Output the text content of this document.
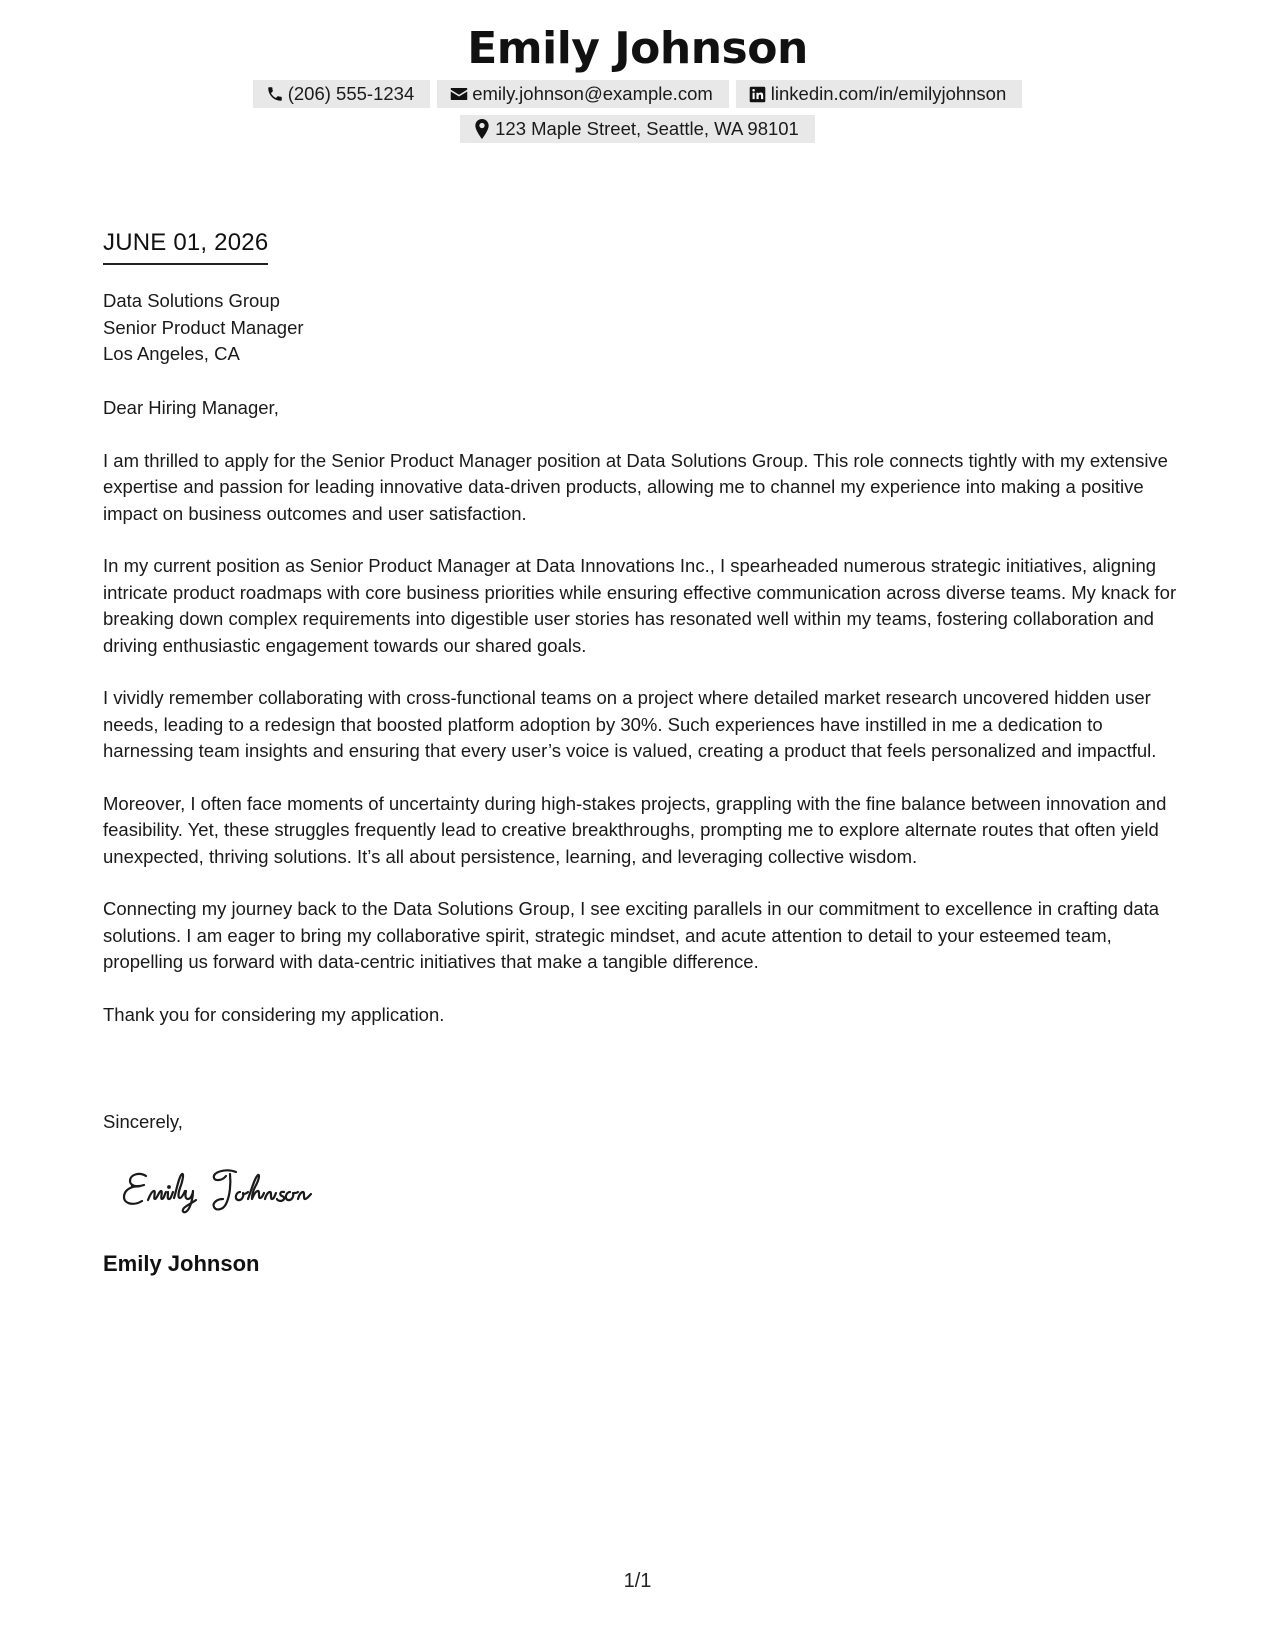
Emily Johnson
(206) 555-1234	emily.johnson@example.com	linkedin.com/in/emilyjohnson
123 Maple Street, Seattle, WA 98101
JUNE 01, 2026
Data Solutions Group
Senior Product Manager
Los Angeles, CA

Dear Hiring Manager,

I am thrilled to apply for the Senior Product Manager position at Data Solutions Group. This role connects tightly with my extensive expertise and passion for leading innovative data-driven products, allowing me to channel my experience into making a positive impact on business outcomes and user satisfaction.

In my current position as Senior Product Manager at Data Innovations Inc., I spearheaded numerous strategic initiatives, aligning intricate product roadmaps with core business priorities while ensuring effective communication across diverse teams. My knack for breaking down complex requirements into digestible user stories has resonated well within my teams, fostering collaboration and driving enthusiastic engagement towards our shared goals.

I vividly remember collaborating with cross-functional teams on a project where detailed market research uncovered hidden user needs, leading to a redesign that boosted platform adoption by 30%. Such experiences have instilled in me a dedication to harnessing team insights and ensuring that every user’s voice is valued, creating a product that feels personalized and impactful.

Moreover, I often face moments of uncertainty during high-stakes projects, grappling with the fine balance between innovation and feasibility. Yet, these struggles frequently lead to creative breakthroughs, prompting me to explore alternate routes that often yield unexpected, thriving solutions. It’s all about persistence, learning, and leveraging collective wisdom.

Connecting my journey back to the Data Solutions Group, I see exciting parallels in our commitment to excellence in crafting data solutions. I am eager to bring my collaborative spirit, strategic mindset, and acute attention to detail to your esteemed team, propelling us forward with data-centric initiatives that make a tangible difference.

Thank you for considering my application.

Sincerely,
Emily Johnson
1/1
